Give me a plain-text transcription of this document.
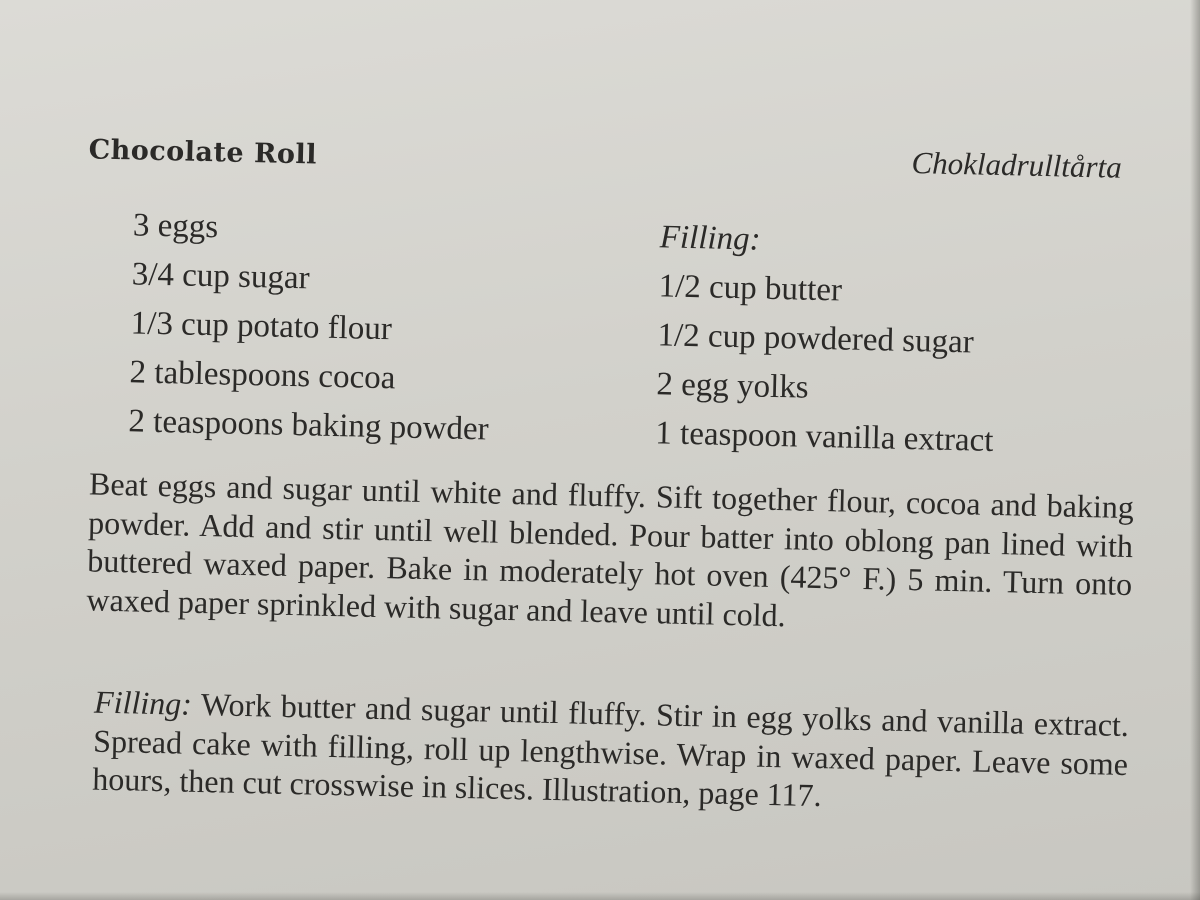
Chocolate Roll	Chokladrulltårta
3 eggs
3/4 cup sugar
1/3 cup potato flour
2 tablespoons cocoa
2 teaspoons baking powder
Filling:
1/2 cup butter
1/2 cup powdered sugar
2 egg yolks
1 teaspoon vanilla extract

Beat eggs and sugar until white and fluffy. Sift together flour, cocoa and baking powder. Add and stir until well blended. Pour batter into oblong pan lined with buttered waxed paper. Bake in moderately hot oven (425° F.) 5 min. Turn onto waxed paper sprinkled with sugar and leave until cold.

Filling: Work butter and sugar until fluffy. Stir in egg yolks and vanilla extract. Spread cake with filling, roll up lengthwise. Wrap in waxed paper. Leave some hours, then cut crosswise in slices. Illustration, page 117.
